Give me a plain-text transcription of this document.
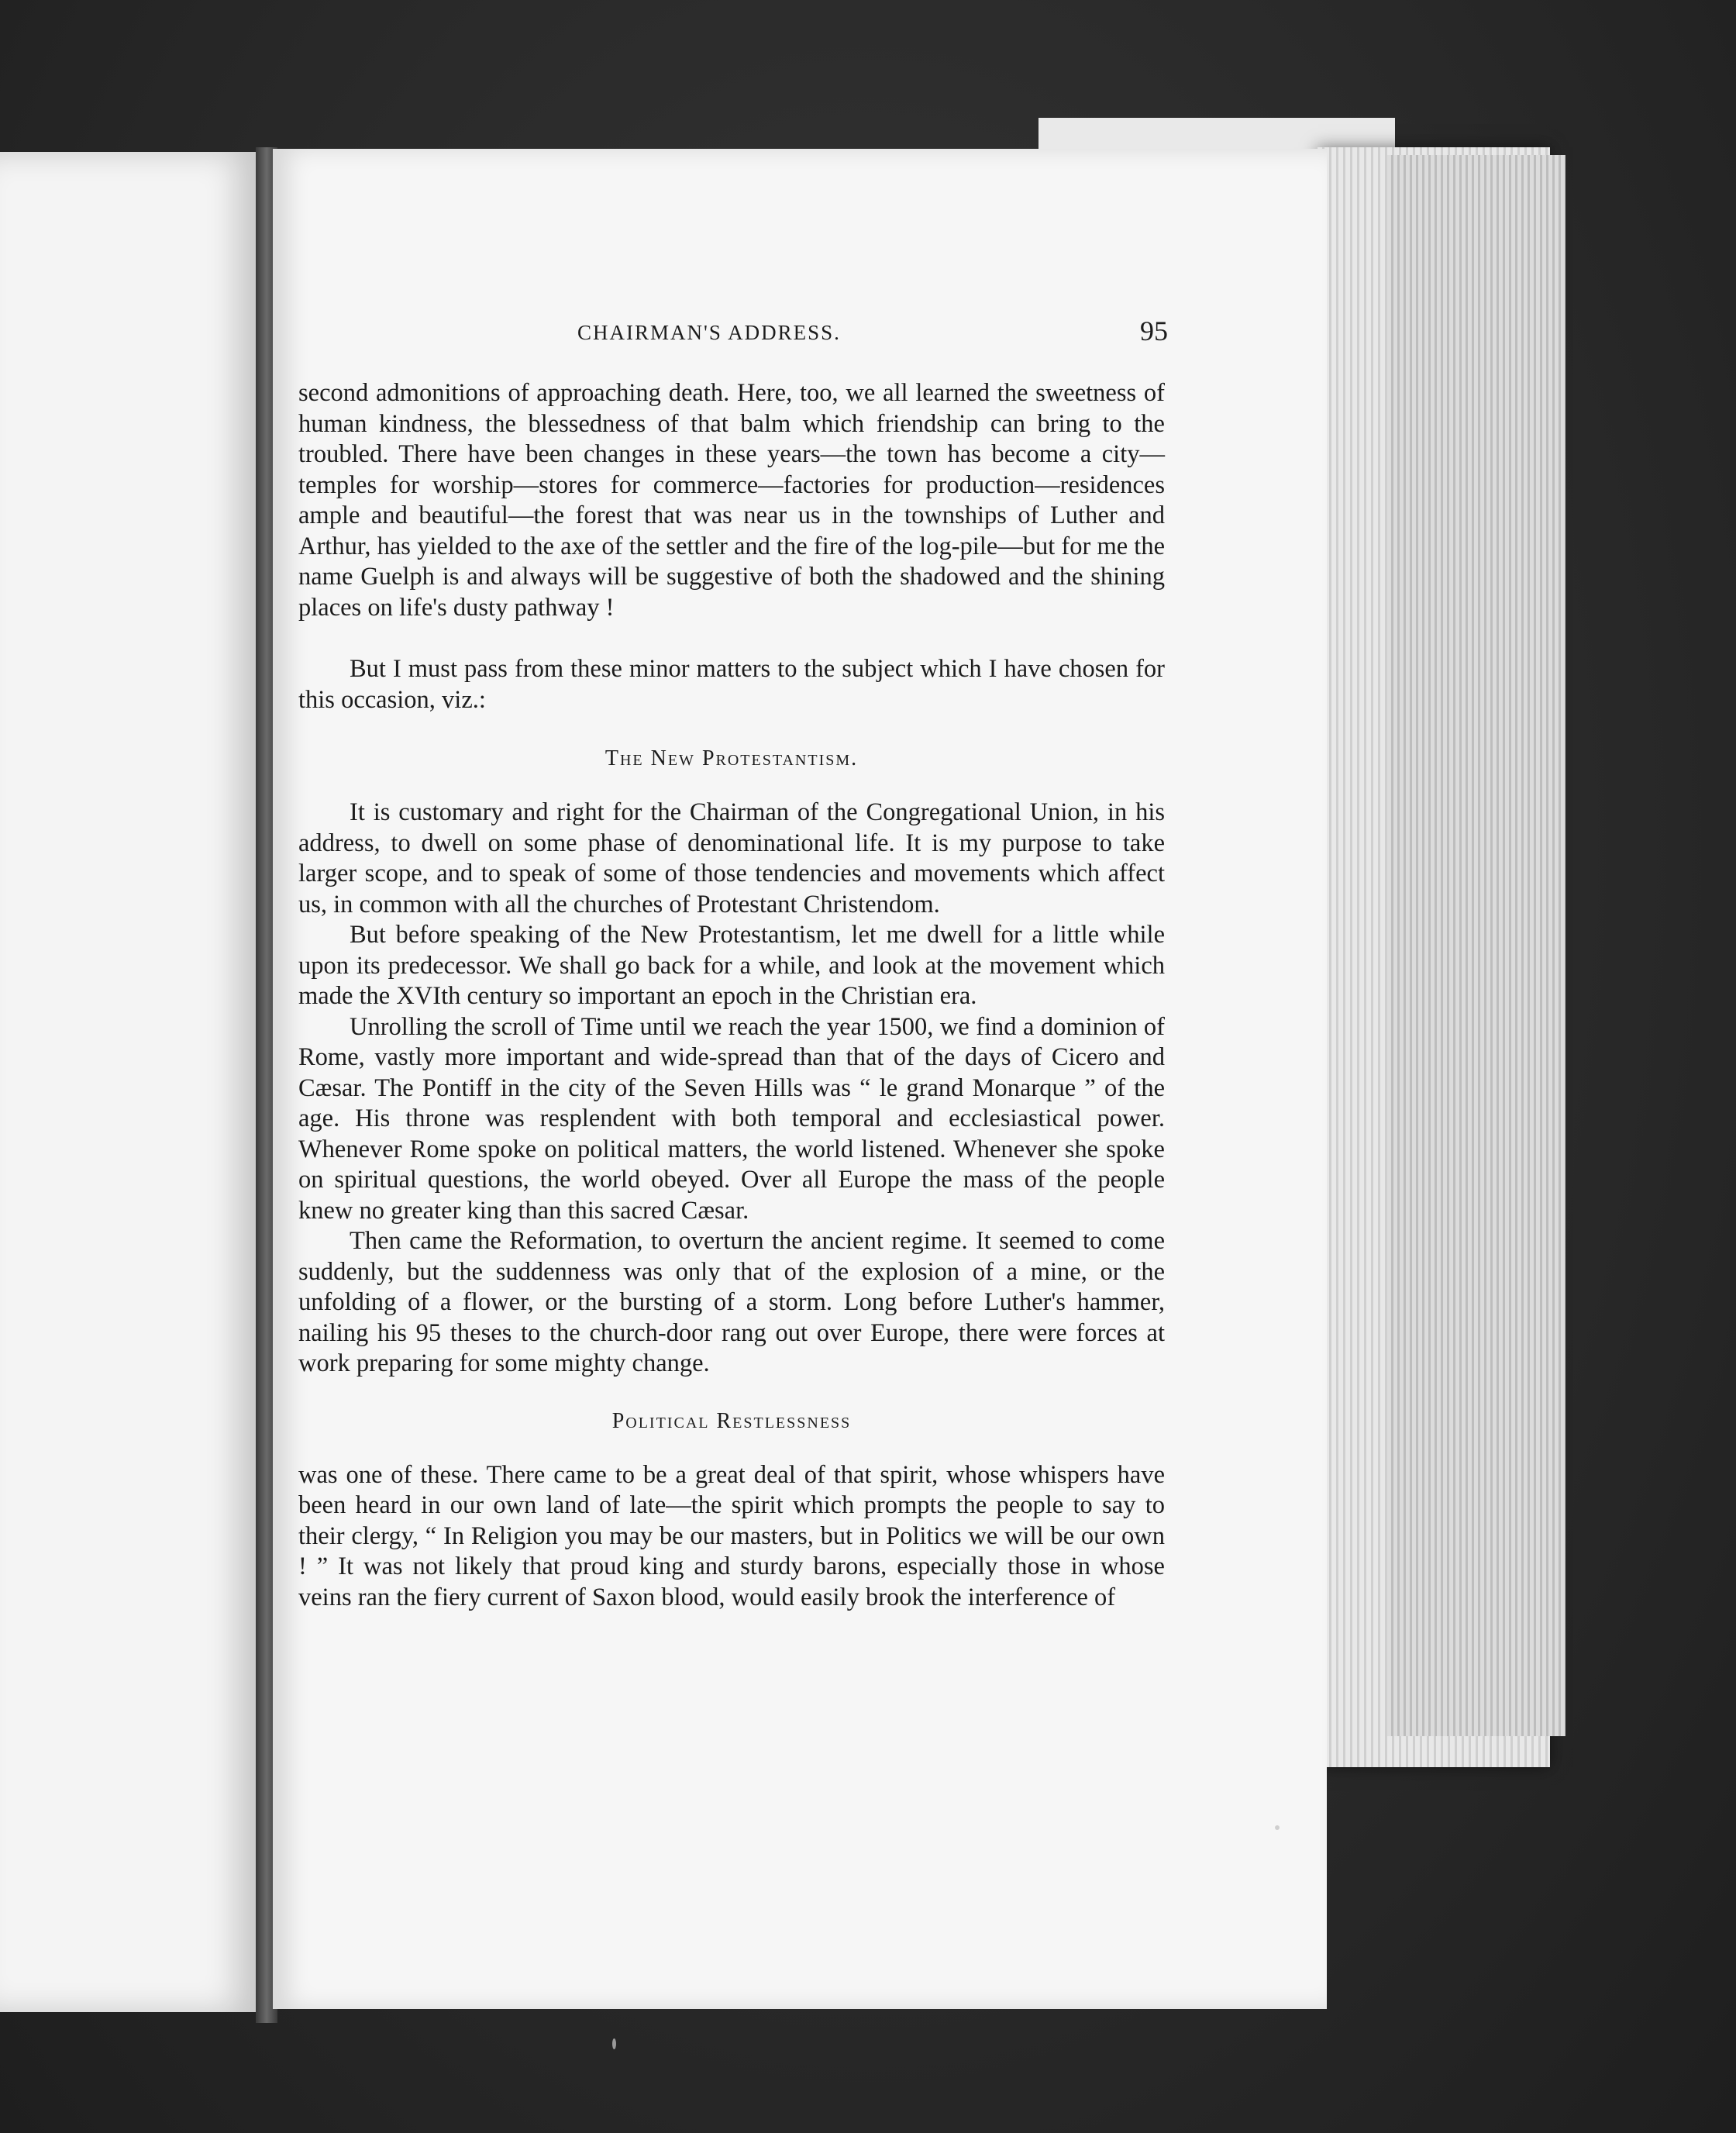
CHAIRMAN'S ADDRESS.	95

second admonitions of approaching death. Here, too, we all learned the sweetness of human kindness, the blessedness of that balm which friendship can bring to the troubled. There have been changes in these years—the town has become a city—temples for worship—stores for commerce—factories for production—residences ample and beautiful—the forest that was near us in the townships of Luther and Arthur, has yielded to the axe of the settler and the fire of the log-pile—but for me the name Guelph is and always will be suggestive of both the shadowed and the shining places on life's dusty pathway !

But I must pass from these minor matters to the subject which I have chosen for this occasion, viz.:

The New Protestantism.

It is customary and right for the Chairman of the Congregational Union, in his address, to dwell on some phase of denominational life. It is my purpose to take larger scope, and to speak of some of those tendencies and movements which affect us, in common with all the churches of Protestant Christendom.

But before speaking of the New Protestantism, let me dwell for a little while upon its predecessor. We shall go back for a while, and look at the movement which made the XVIth century so important an epoch in the Christian era.

Unrolling the scroll of Time until we reach the year 1500, we find a dominion of Rome, vastly more important and wide-spread than that of the days of Cicero and Cæsar. The Pontiff in the city of the Seven Hills was “ le grand Monarque ” of the age. His throne was resplendent with both temporal and ecclesiastical power. Whenever Rome spoke on political matters, the world listened. Whenever she spoke on spiritual questions, the world obeyed. Over all Europe the mass of the people knew no greater king than this sacred Cæsar.

Then came the Reformation, to overturn the ancient regime. It seemed to come suddenly, but the suddenness was only that of the explosion of a mine, or the unfolding of a flower, or the bursting of a storm. Long before Luther's hammer, nailing his 95 theses to the church-door rang out over Europe, there were forces at work preparing for some mighty change.

Political Restlessness

was one of these. There came to be a great deal of that spirit, whose whispers have been heard in our own land of late—the spirit which prompts the people to say to their clergy, “ In Religion you may be our masters, but in Politics we will be our own ! ” It was not likely that proud king and sturdy barons, especially those in whose veins ran the fiery current of Saxon blood, would easily brook the interference of
